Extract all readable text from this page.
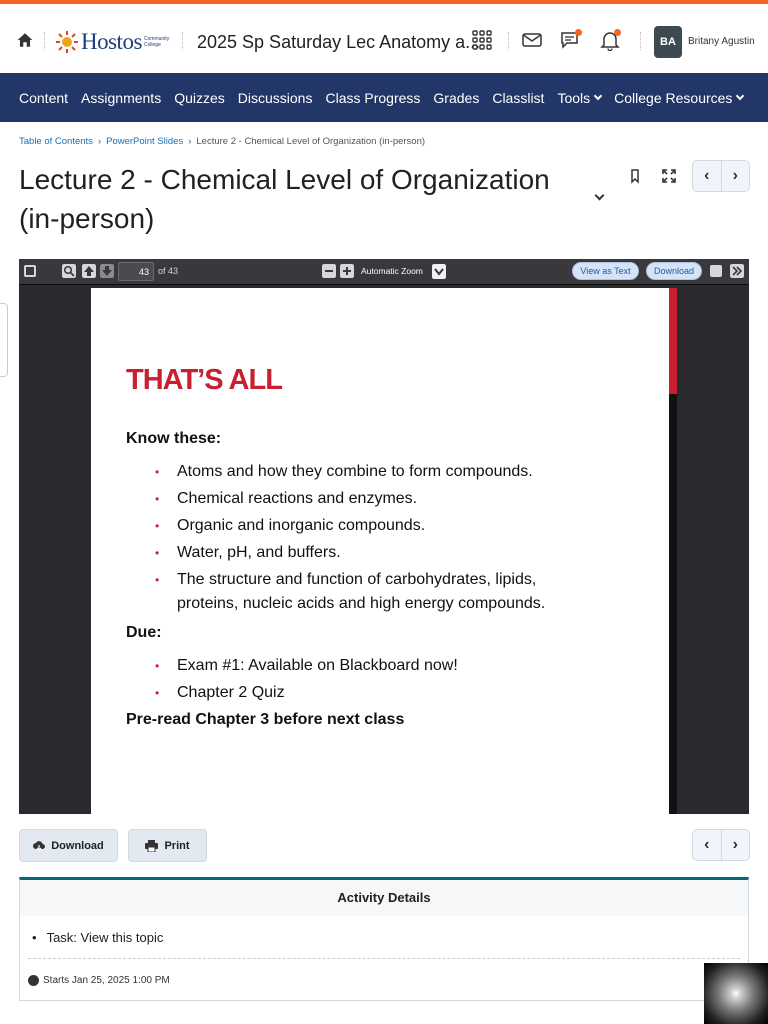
Hostos Community College	2025 Sp Saturday Lec Anatomy a...	BA	Britany Agustin
Content Assignments Quizzes Discussions Class Progress Grades Classlist Tools College Resources
Table of Contents › PowerPoint Slides › Lecture 2 - Chemical Level of Organization (in-person)
Lecture 2 - Chemical Level of Organization (in-person)
‹	›
43	of 43	Automatic Zoom	View as Text	Download
THAT’S ALL
Know these:
• Atoms and how they combine to form compounds.
• Chemical reactions and enzymes.
• Organic and inorganic compounds.
• Water, pH, and buffers.
• The structure and function of carbohydrates, lipids, proteins, nucleic acids and high energy compounds.
Due:
• Exam #1: Available on Blackboard now!
• Chapter 2 Quiz
Pre-read Chapter 3 before next class
Download	Print	‹	›
Activity Details
• Task: View this topic
Starts Jan 25, 2025 1:00 PM
